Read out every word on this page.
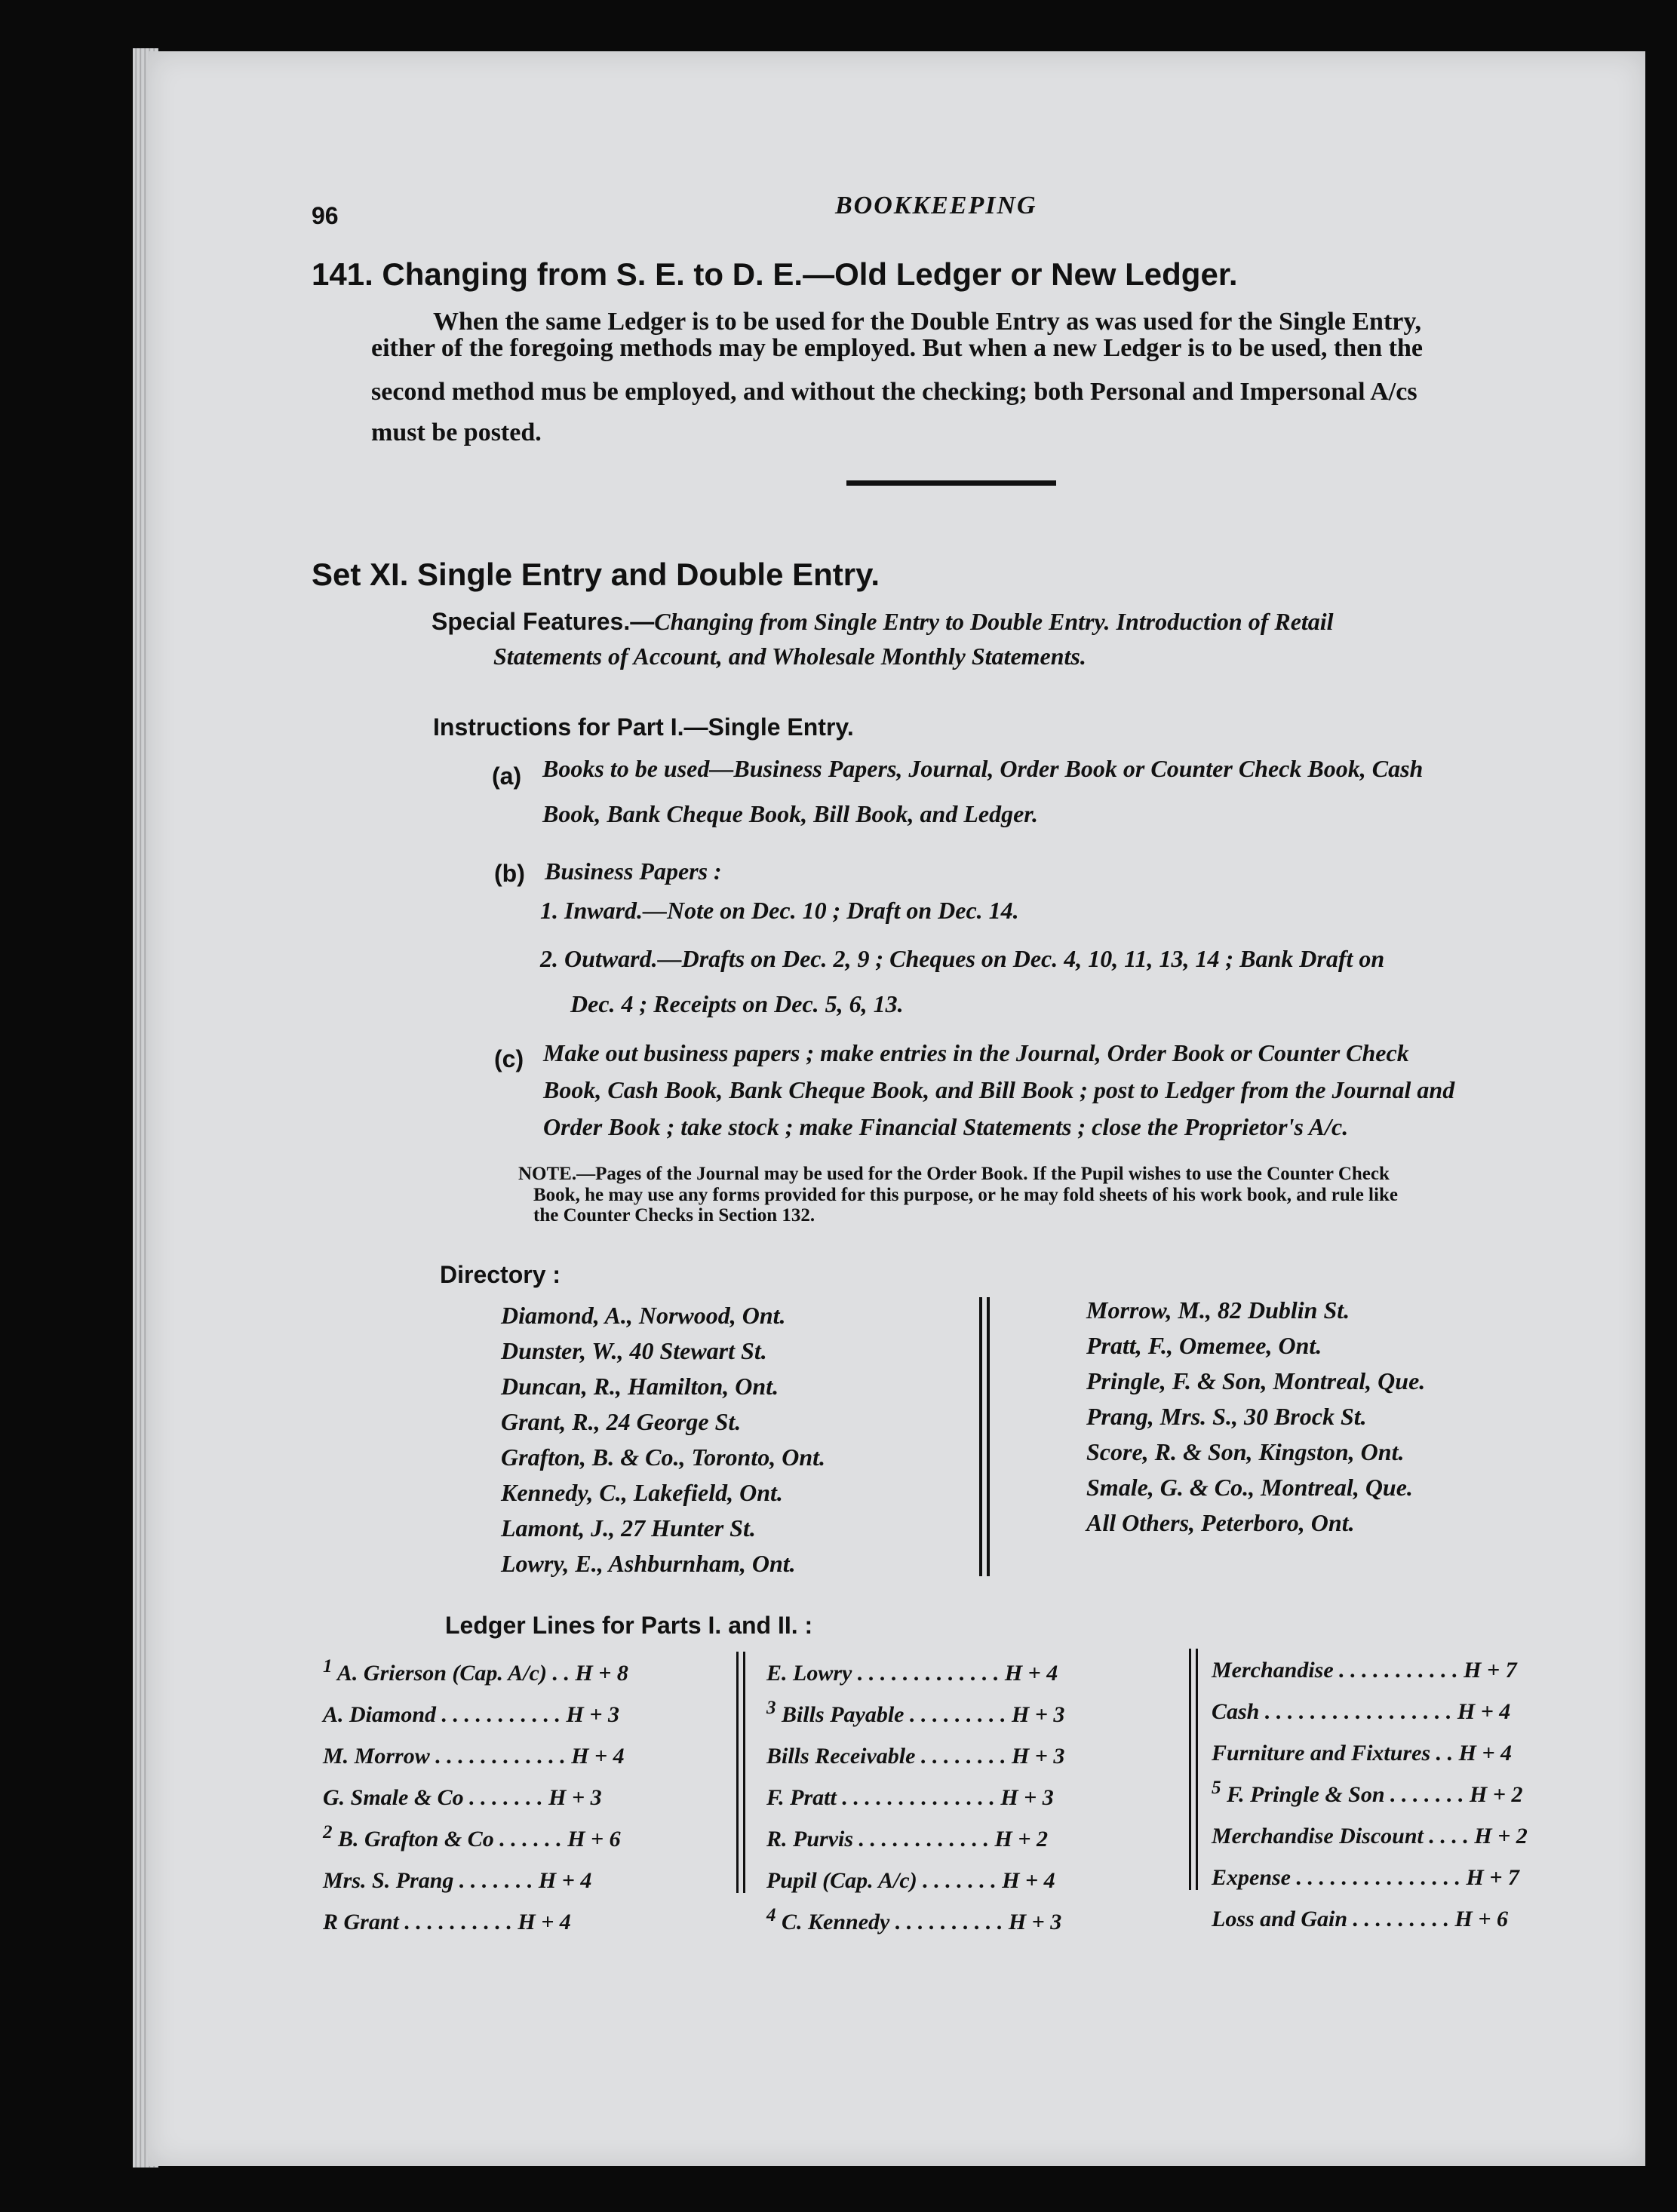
96	BOOKKEEPING
141. Changing from S. E. to D. E.—Old Ledger or New Ledger.
When the same Ledger is to be used for the Double Entry as was used for the Single Entry,
either of the foregoing methods may be employed. But when a new Ledger is to be used, then the
second method mus be employed, and without the checking; both Personal and Impersonal A/cs
must be posted.
Set XI. Single Entry and Double Entry.
Special Features.—Changing from Single Entry to Double Entry. Introduction of Retail
Statements of Account, and Wholesale Monthly Statements.
Instructions for Part I.—Single Entry.
(a) Books to be used—Business Papers, Journal, Order Book or Counter Check Book, Cash
Book, Bank Cheque Book, Bill Book, and Ledger.
(b) Business Papers :
1. Inward.—Note on Dec. 10 ; Draft on Dec. 14.
2. Outward.—Drafts on Dec. 2, 9 ; Cheques on Dec. 4, 10, 11, 13, 14 ; Bank Draft on
Dec. 4 ; Receipts on Dec. 5, 6, 13.
(c) Make out business papers ; make entries in the Journal, Order Book or Counter Check
Book, Cash Book, Bank Cheque Book, and Bill Book ; post to Ledger from the Journal and
Order Book ; take stock ; make Financial Statements ; close the Proprietor's A/c.
NOTE.—Pages of the Journal may be used for the Order Book. If the Pupil wishes to use the Counter Check
Book, he may use any forms provided for this purpose, or he may fold sheets of his work book, and rule like
the Counter Checks in Section 132.
Directory :
Diamond, A., Norwood, Ont.
Dunster, W., 40 Stewart St.
Duncan, R., Hamilton, Ont.
Grant, R., 24 George St.
Grafton, B. & Co., Toronto, Ont.
Kennedy, C., Lakefield, Ont.
Lamont, J., 27 Hunter St.
Lowry, E., Ashburnham, Ont.
Morrow, M., 82 Dublin St.
Pratt, F., Omemee, Ont.
Pringle, F. & Son, Montreal, Que.
Prang, Mrs. S., 30 Brock St.
Score, R. & Son, Kingston, Ont.
Smale, G. & Co., Montreal, Que.
All Others, Peterboro, Ont.
Ledger Lines for Parts I. and II. :
$^1$ A. Grierson (Cap. A/c) . . H + 8
A. Diamond . . . . . . . . . . . H + 3
M. Morrow . . . . . . . . . . . . H + 4
G. Smale & Co . . . . . . . H + 3
$^2$ B. Grafton & Co . . . . . . H + 6
Mrs. S. Prang . . . . . . . H + 4
R Grant . . . . . . . . . . H + 4
E. Lowry . . . . . . . . . . . . . H + 4
$^3$ Bills Payable . . . . . . . . . H + 3
Bills Receivable . . . . . . . . H + 3
F. Pratt . . . . . . . . . . . . . . H + 3
R. Purvis . . . . . . . . . . . . H + 2
Pupil (Cap. A/c) . . . . . . . H + 4
$^4$ C. Kennedy . . . . . . . . . . H + 3
Merchandise . . . . . . . . . . . H + 7
Cash . . . . . . . . . . . . . . . . . H + 4
Furniture and Fixtures . . H + 4
$^5$ F. Pringle & Son . . . . . . . H + 2
Merchandise Discount . . . . H + 2
Expense . . . . . . . . . . . . . . . H + 7
Loss and Gain . . . . . . . . . H + 6
